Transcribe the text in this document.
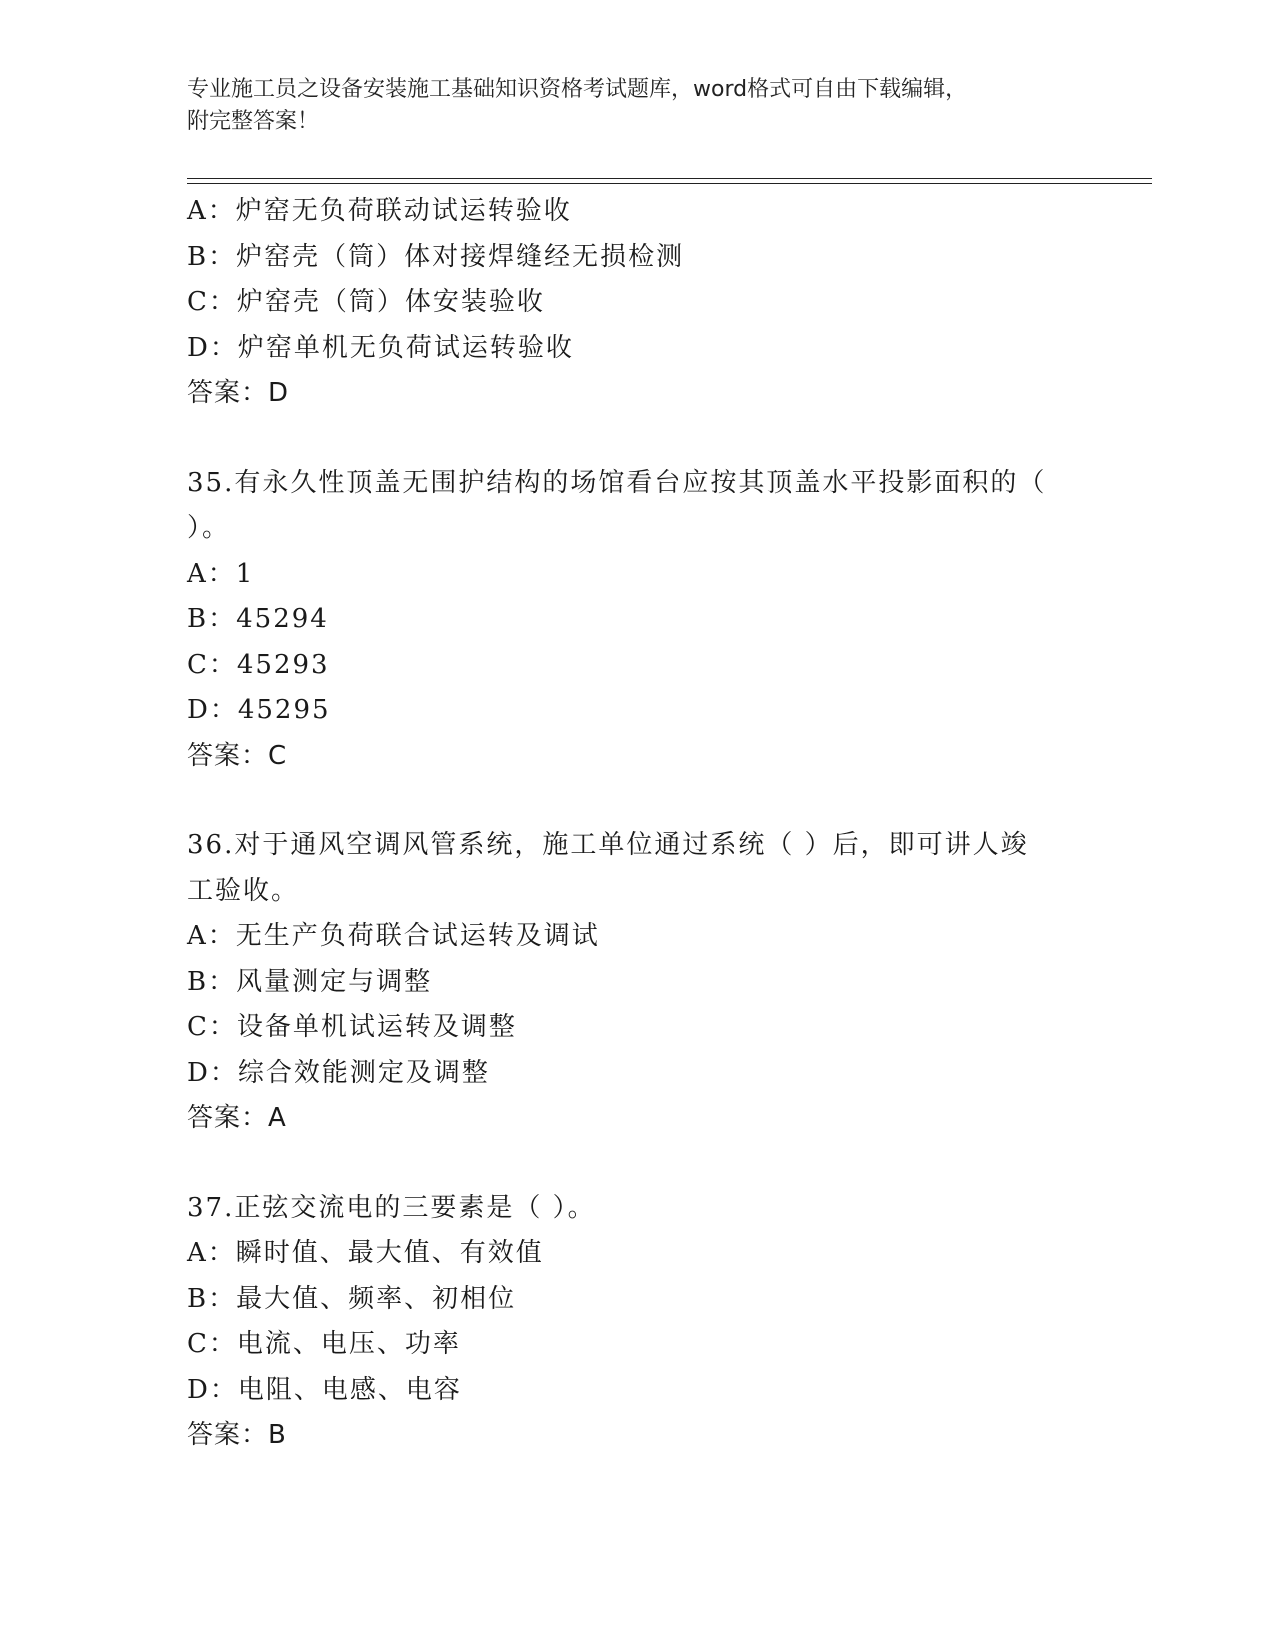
专业施工员之设备安装施工基础知识资格考试题库，word格式可自由下载编辑，
附完整答案！
A：炉窑无负荷联动试运转验收
B：炉窑壳（筒）体对接焊缝经无损检测
C：炉窑壳（筒）体安装验收
D：炉窑单机无负荷试运转验收
答案：D
35.有永久性顶盖无围护结构的场馆看台应按其顶盖水平投影面积的（
）。
A：1
B：45294
C：45293
D：45295
答案：C
36.对于通风空调风管系统，施工单位通过系统（ ）后，即可讲人竣
工验收。
A：无生产负荷联合试运转及调试
B：风量测定与调整
C：设备单机试运转及调整
D：综合效能测定及调整
答案：A
37.正弦交流电的三要素是（ ）。
A：瞬时值、最大值、有效值
B：最大值、频率、初相位
C：电流、电压、功率
D：电阻、电感、电容
答案：B
